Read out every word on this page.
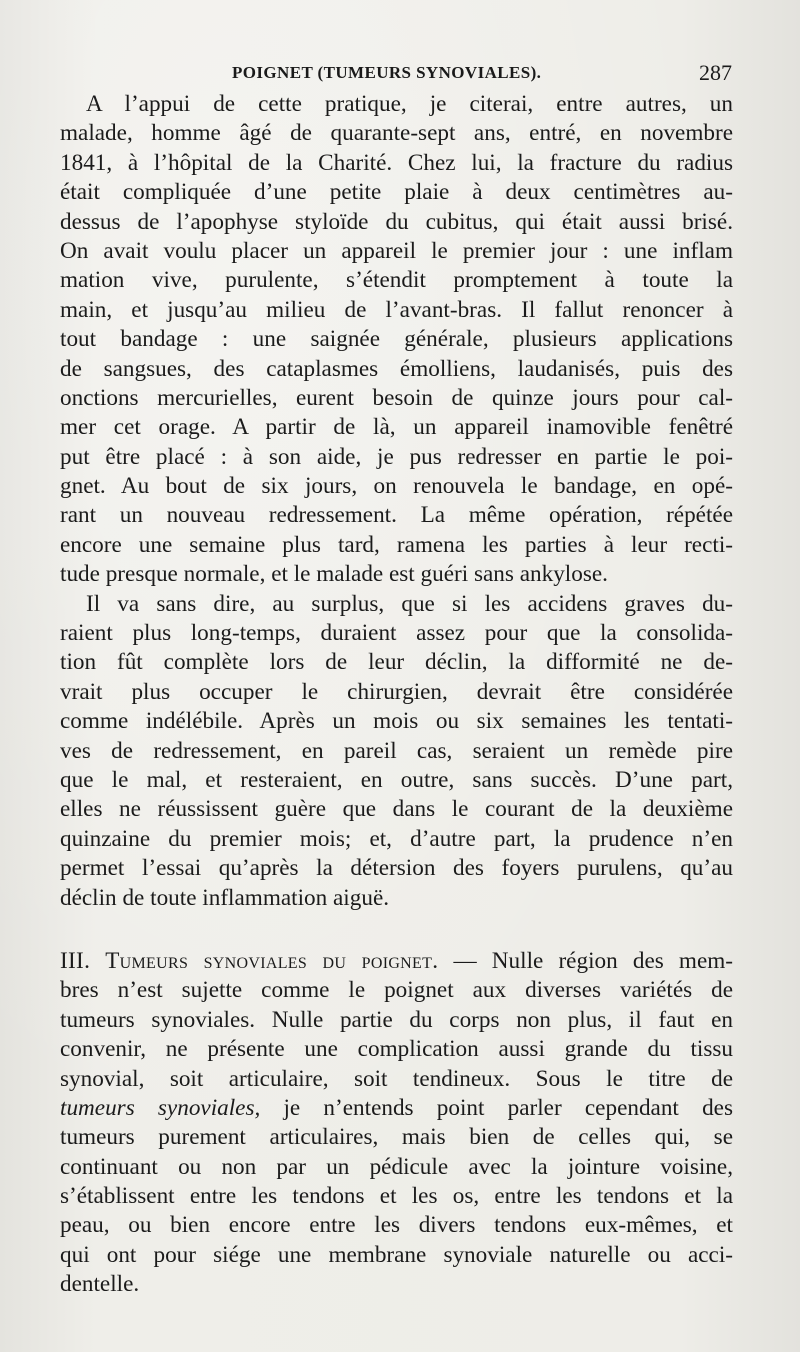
POIGNET (TUMEURS SYNOVIALES).	287
A l’appui de cette pratique, je citerai, entre autres, un
malade, homme âgé de quarante-sept ans, entré, en novembre
1841, à l’hôpital de la Charité. Chez lui, la fracture du radius
était compliquée d’une petite plaie à deux centimètres au-
dessus de l’apophyse styloïde du cubitus, qui était aussi brisé.
On avait voulu placer un appareil le premier jour : une inflam
mation vive, purulente, s’étendit promptement à toute la
main, et jusqu’au milieu de l’avant-bras. Il fallut renoncer à
tout bandage : une saignée générale, plusieurs applications
de sangsues, des cataplasmes émolliens, laudanisés, puis des
onctions mercurielles, eurent besoin de quinze jours pour cal-
mer cet orage. A partir de là, un appareil inamovible fenêtré
put être placé : à son aide, je pus redresser en partie le poi-
gnet. Au bout de six jours, on renouvela le bandage, en opé-
rant un nouveau redressement. La même opération, répétée
encore une semaine plus tard, ramena les parties à leur recti-
tude presque normale, et le malade est guéri sans ankylose.
Il va sans dire, au surplus, que si les accidens graves du-
raient plus long-temps, duraient assez pour que la consolida-
tion fût complète lors de leur déclin, la difformité ne de-
vrait plus occuper le chirurgien, devrait être considérée
comme indélébile. Après un mois ou six semaines les tentati-
ves de redressement, en pareil cas, seraient un remède pire
que le mal, et resteraient, en outre, sans succès. D’une part,
elles ne réussissent guère que dans le courant de la deuxième
quinzaine du premier mois; et, d’autre part, la prudence n’en
permet l’essai qu’après la détersion des foyers purulens, qu’au
déclin de toute inflammation aiguë.
III. Tumeurs synoviales du poignet. — Nulle région des mem-
bres n’est sujette comme le poignet aux diverses variétés de
tumeurs synoviales. Nulle partie du corps non plus, il faut en
convenir, ne présente une complication aussi grande du tissu
synovial, soit articulaire, soit tendineux. Sous le titre de
tumeurs synoviales, je n’entends point parler cependant des
tumeurs purement articulaires, mais bien de celles qui, se
continuant ou non par un pédicule avec la jointure voisine,
s’établissent entre les tendons et les os, entre les tendons et la
peau, ou bien encore entre les divers tendons eux-mêmes, et
qui ont pour siége une membrane synoviale naturelle ou acci-
dentelle.
